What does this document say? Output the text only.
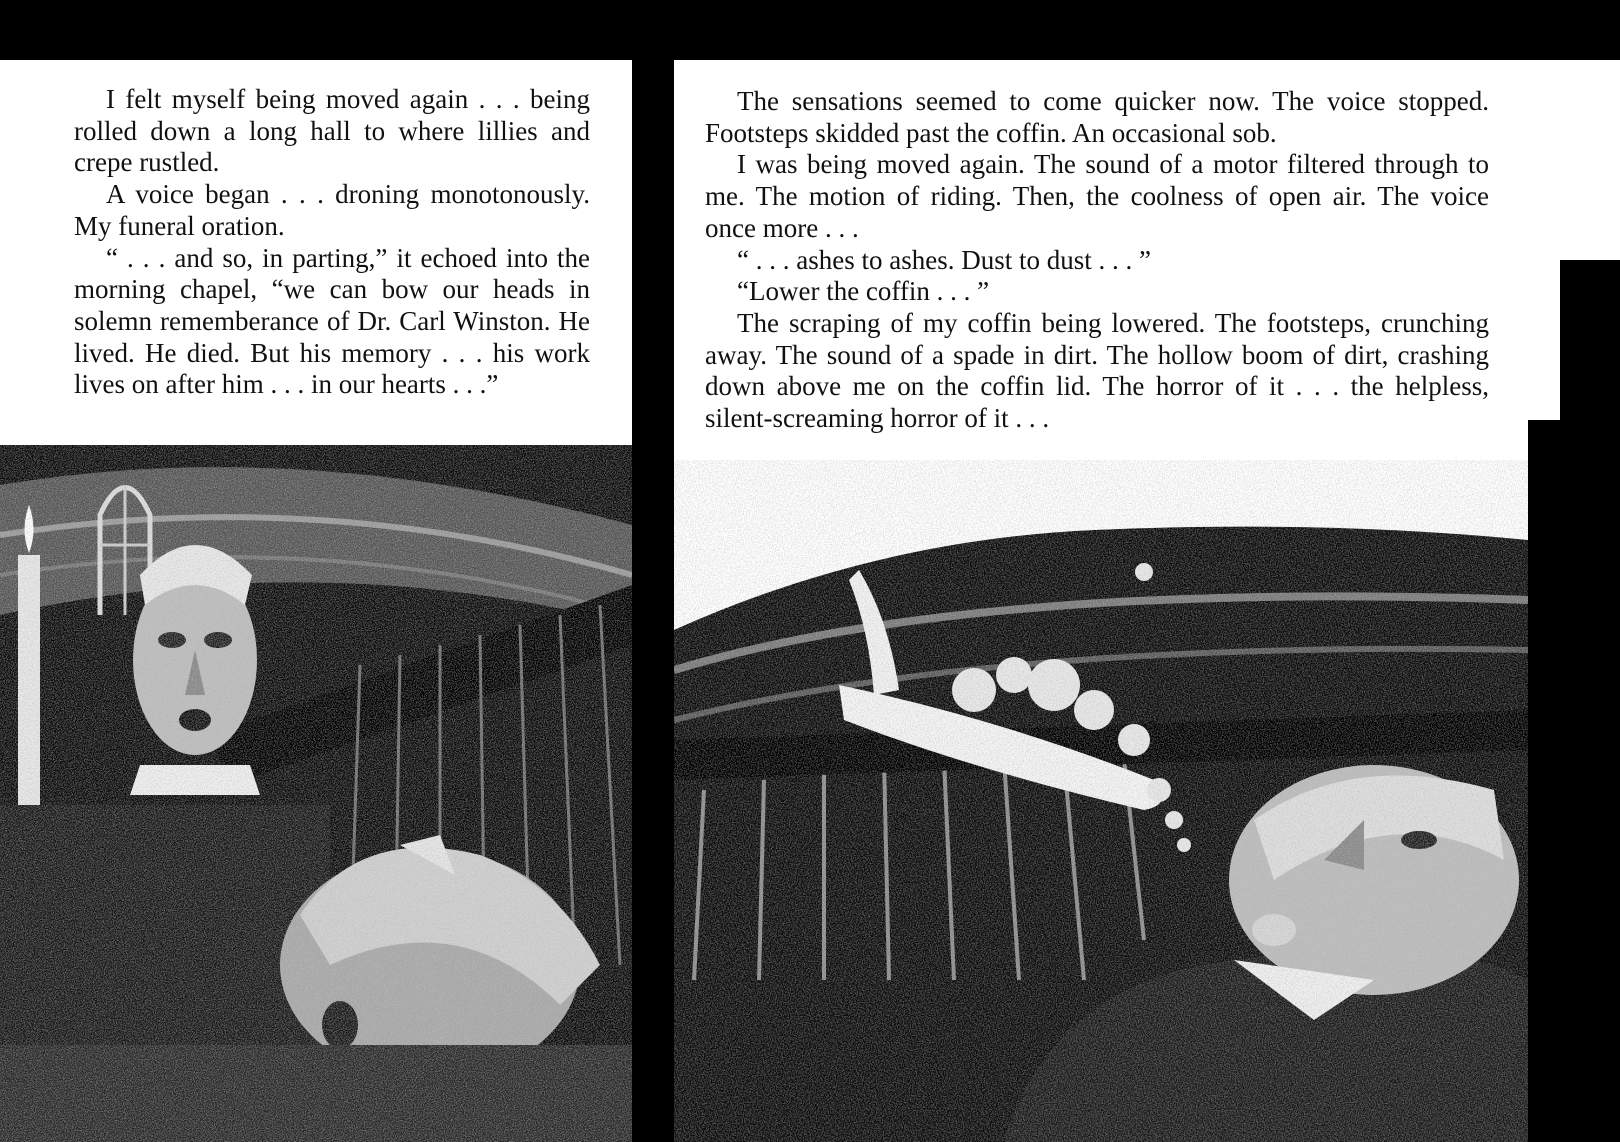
I felt myself being moved again . . . being rolled down a long hall to where lillies and crepe rustled.

A voice began . . . droning monotonously. My funeral oration.

“ . . . and so, in parting,” it echoed into the morning chapel, “we can bow our heads in solemn rememberance of Dr. Carl Winston. He lived. He died. But his memory . . . his work lives on after him . . . in our hearts . . .”

The sensations seemed to come quicker now. The voice stopped. Footsteps skidded past the coffin. An occasional sob.

I was being moved again. The sound of a motor filtered through to me. The motion of riding. Then, the coolness of open air. The voice once more . . .

“ . . . ashes to ashes. Dust to dust . . . ”

“Lower the coffin . . . ”

The scraping of my coffin being lowered. The footsteps, crunching away. The sound of a spade in dirt. The hollow boom of dirt, crashing down above me on the coffin lid. The horror of it . . . the helpless, silent-screaming horror of it . . .
